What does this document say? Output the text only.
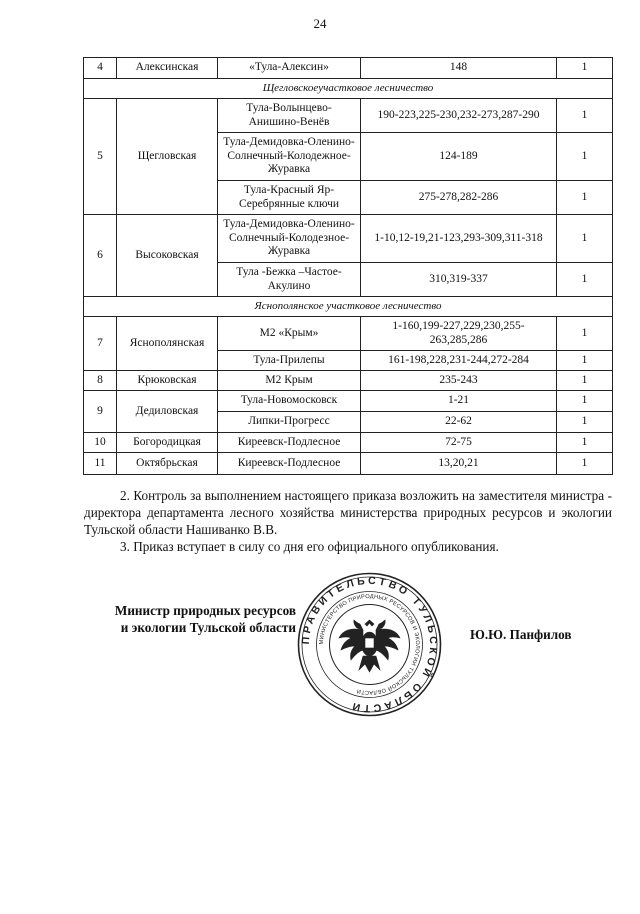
24
4	Алексинская	«Тула-Алексин»	148	1
Щегловскоеучастковое лесничество				
5	Щегловская	Тула-Волынцево-Анишино-Венёв	190-223,225-230,232-273,287-290	1
		Тула-Демидовка-Оленино-Солнечный-Колодежное-Журавка	124-189	1
		Тула-Красный Яр-Серебрянные ключи	275-278,282-286	1
6	Высоковская	Тула-Демидовка-Оленино-Солнечный-Колодезное-Журавка	1-10,12-19,21-123,293-309,311-318	1
		Тула -Бежка –Частое-Акулино	310,319-337	1
Яснополянское участковое лесничество				
7	Яснополянская	М2 «Крым»	1-160,199-227,229,230,255-263,285,286	1
		Тула-Прилепы	161-198,228,231-244,272-284	1
8	Крюковская	М2 Крым	235-243	1
9	Дедиловская	Тула-Новомосковск	1-21	1
		Липки-Прогресс	22-62	1
10	Богородицкая	Киреевск-Подлесное	72-75	1
11	Октябрьская	Киреевск-Подлесное	13,20,21	1

2. Контроль за выполнением настоящего приказа возложить на заместителя министра - директора департамента лесного хозяйства министерства природных ресурсов и экологии Тульской области Нашиванко В.В.

3. Приказ вступает в силу со дня его официального опубликования.

Министр природных ресурсов
и экологии Тульской области
ПРАВИТЕЛЬСТВО ТУЛЬСКОЙ ОБЛАСТИ
МИНИСТЕРСТВО ПРИРОДНЫХ РЕСУРСОВ И ЭКОЛОГИИ ТУЛЬСКОЙ ОБЛАСТИ
Ю.Ю. Панфилов
